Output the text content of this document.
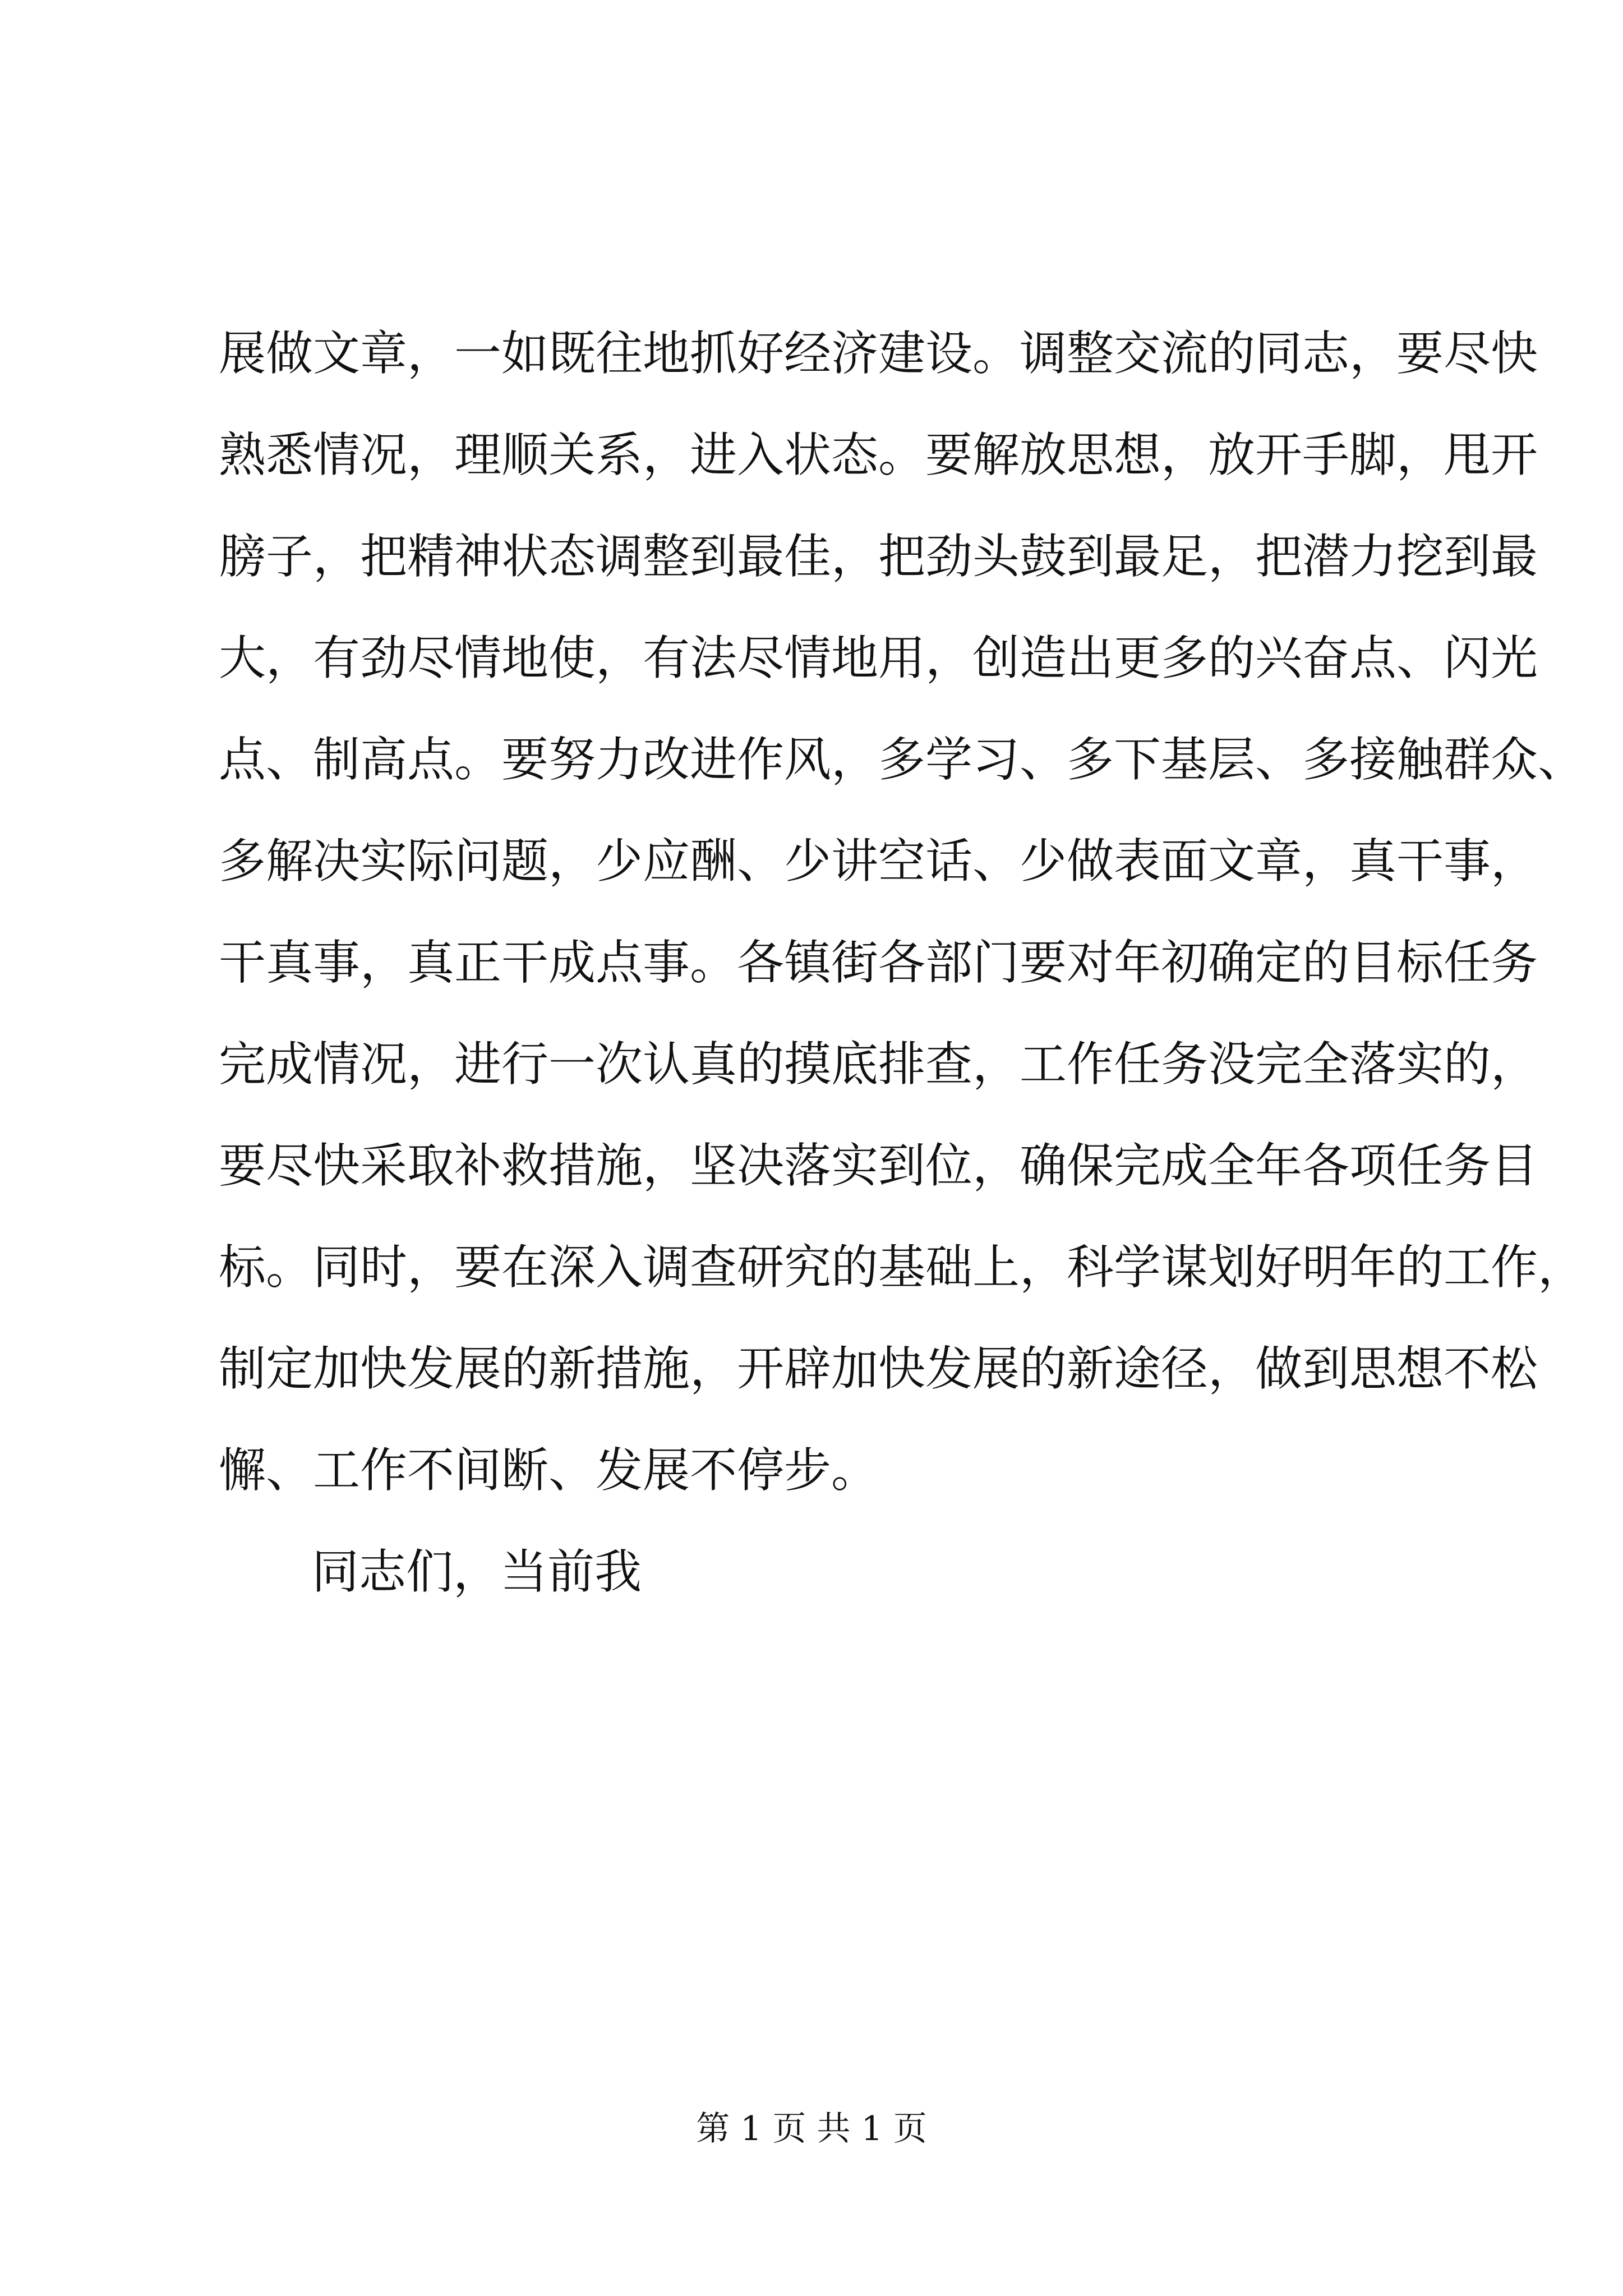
展做文章，一如既往地抓好经济建设。调整交流的同志，要尽快
熟悉情况，理顺关系，进入状态。要解放思想，放开手脚，甩开
膀子，把精神状态调整到最佳，把劲头鼓到最足，把潜力挖到最
大，有劲尽情地使，有法尽情地用，创造出更多的兴奋点、闪光
点、制高点。要努力改进作风，多学习、多下基层、多接触群众、
多解决实际问题，少应酬、少讲空话、少做表面文章，真干事，
干真事，真正干成点事。各镇街各部门要对年初确定的目标任务
完成情况，进行一次认真的摸底排查，工作任务没完全落实的，
要尽快采取补救措施，坚决落实到位，确保完成全年各项任务目
标。同时，要在深入调查研究的基础上，科学谋划好明年的工作，
制定加快发展的新措施，开辟加快发展的新途径，做到思想不松
懈、工作不间断、发展不停步。
同志们，当前我
第 1 页 共 1 页
